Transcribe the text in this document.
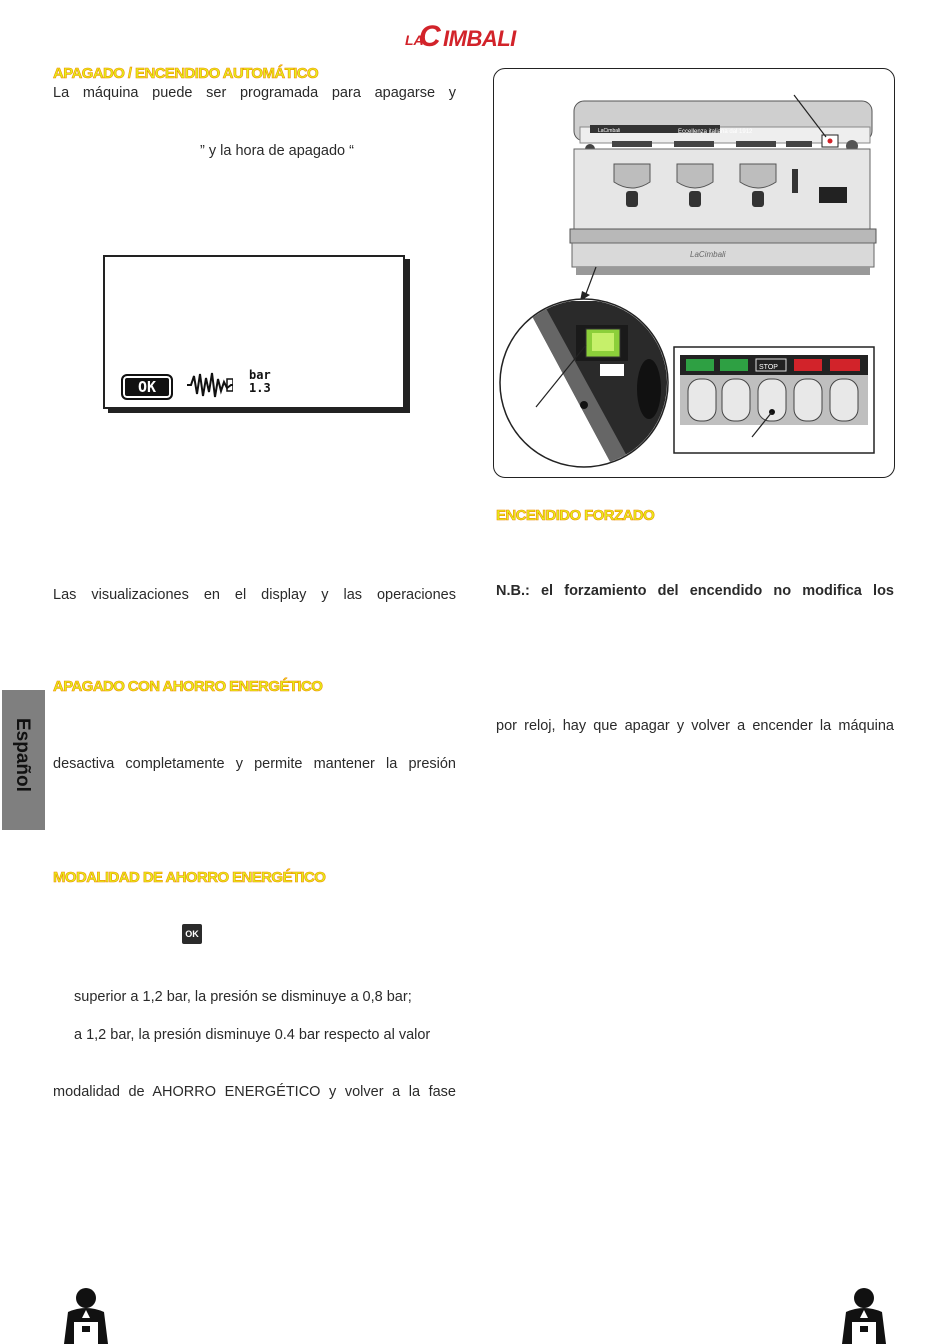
LA
C IMBALI
APAGADO / ENCENDIDO AUTOMÁTICO
La máquina puede ser programada para apagarse y
” y la hora de apagado “
OK
bar
1.3
Las visualizaciones en el display y las operaciones
APAGADO CON AHORRO ENERGÉTICO
desactiva completamente y permite mantener la presión
MODALIDAD DE AHORRO ENERGÉTICO
OK
superior a 1,2 bar, la presión se disminuye a 0,8 bar;
a 1,2 bar, la presión disminuye 0.4 bar respecto al valor
modalidad de AHORRO ENERGÉTICO y volver a la fase
Español
Eccellenza italiana dal 1912
LaCimbali
LaCimbali
STOP
ENCENDIDO FORZADO
N.B.: el forzamiento del encendido no modifica los
por reloj, hay que apagar y volver a encender la máquina
